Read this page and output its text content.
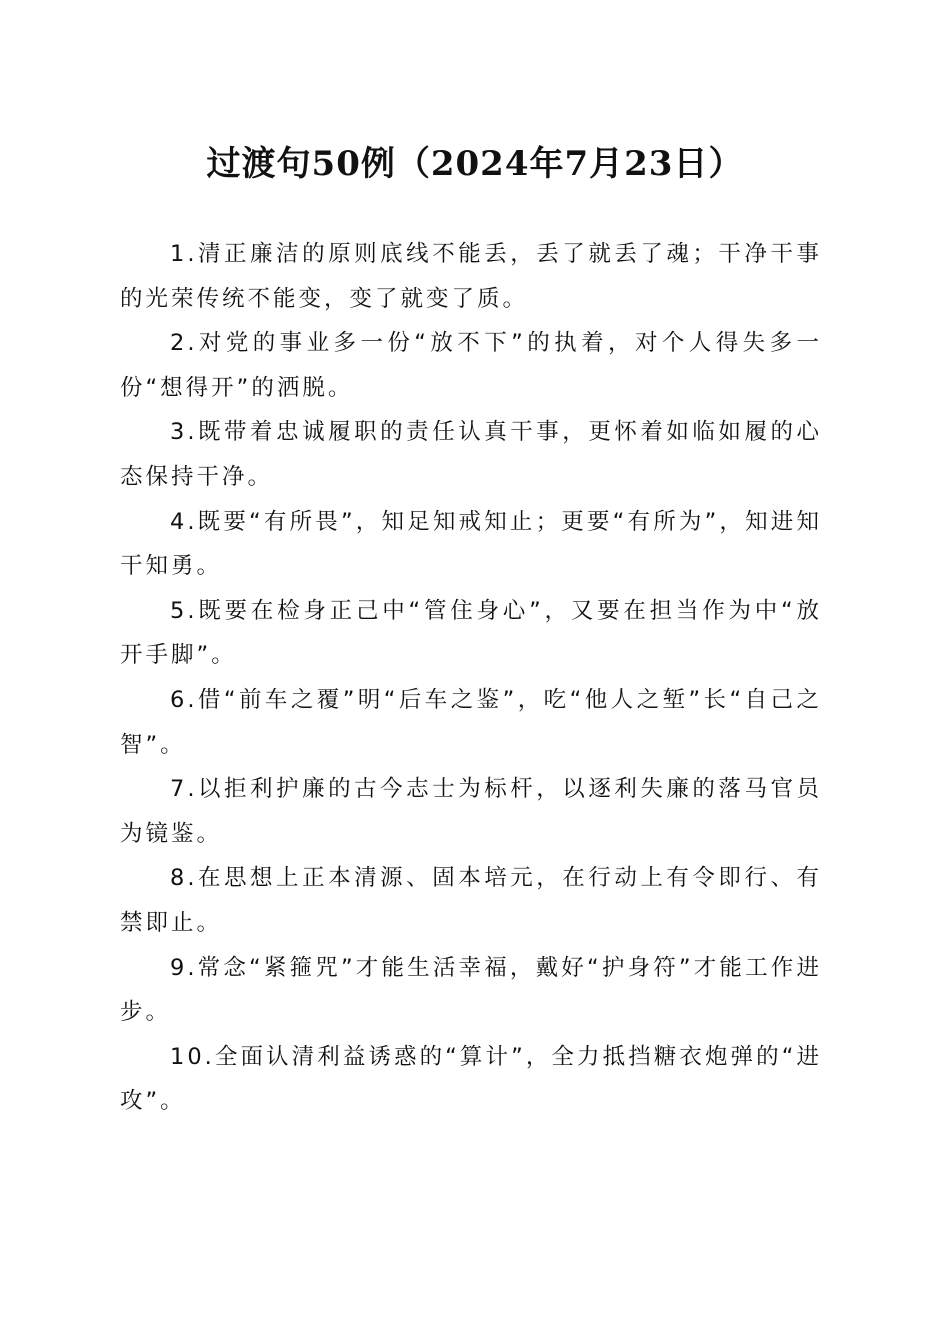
过渡句50例（2024年7月23日）

1.清正廉洁的原则底线不能丢，丢了就丢了魂；干净干事的光荣传统不能变，变了就变了质。

2.对党的事业多一份“放不下”的执着，对个人得失多一份“想得开”的洒脱。

3.既带着忠诚履职的责任认真干事，更怀着如临如履的心态保持干净。

4.既要“有所畏”，知足知戒知止；更要“有所为”，知进知干知勇。

5.既要在检身正己中“管住身心”，又要在担当作为中“放开手脚”。

6.借“前车之覆”明“后车之鉴”，吃“他人之堑”长“自己之智”。

7.以拒利护廉的古今志士为标杆，以逐利失廉的落马官员为镜鉴。

8.在思想上正本清源、固本培元，在行动上有令即行、有禁即止。

9.常念“紧箍咒”才能生活幸福，戴好“护身符”才能工作进步。

10.全面认清利益诱惑的“算计”，全力抵挡糖衣炮弹的“进攻”。
